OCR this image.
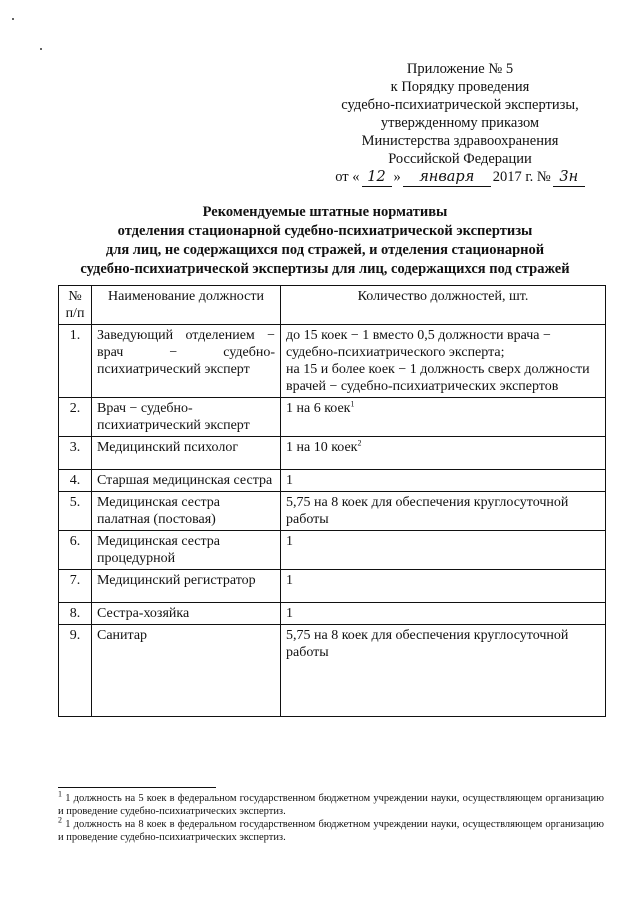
Приложение № 5
к Порядку проведения
судебно-психиатрической экспертизы,
утвержденному приказом
Министерства здравоохранения
Российской Федерации
от « 12 »	января	2017 г. № 3н
Рекомендуемые штатные нормативы
отделения стационарной судебно-психиатрической экспертизы
для лиц, не содержащихся под стражей, и отделения стационарной
судебно-психиатрической экспертизы для лиц, содержащихся под стражей
№ п/п	Наименование должности	Количество должностей, шт.
1.	Заведующий отделением − врач − судебно-психиатрический эксперт	до 15 коек − 1 вместо 0,5 должности врача − судебно-психиатрического эксперта;
на 15 и более коек − 1 должность сверх должности врачей − судебно-психиатрических экспертов

2.	Врач − судебно-психиатрический эксперт	1 на 6 коек$^1$
3.	Медицинский психолог	1 на 10 коек$^2$
4.	Старшая медицинская сестра	1
5.	Медицинская сестра палатная (постовая)	5,75 на 8 коек для обеспечения круглосуточной работы
6.	Медицинская сестра процедурной	1
7.	Медицинский регистратор	1
8.	Сестра-хозяйка	1
9.	Санитар	5,75 на 8 коек для обеспечения круглосуточной работы

$^1$ 1 должность на 5 коек в федеральном государственном бюджетном учреждении науки, осуществляющем организацию и проведение судебно-психиатрических экспертиз.

$^2$ 1 должность на 8 коек в федеральном государственном бюджетном учреждении науки, осуществляющем организацию и проведение судебно-психиатрических экспертиз.
